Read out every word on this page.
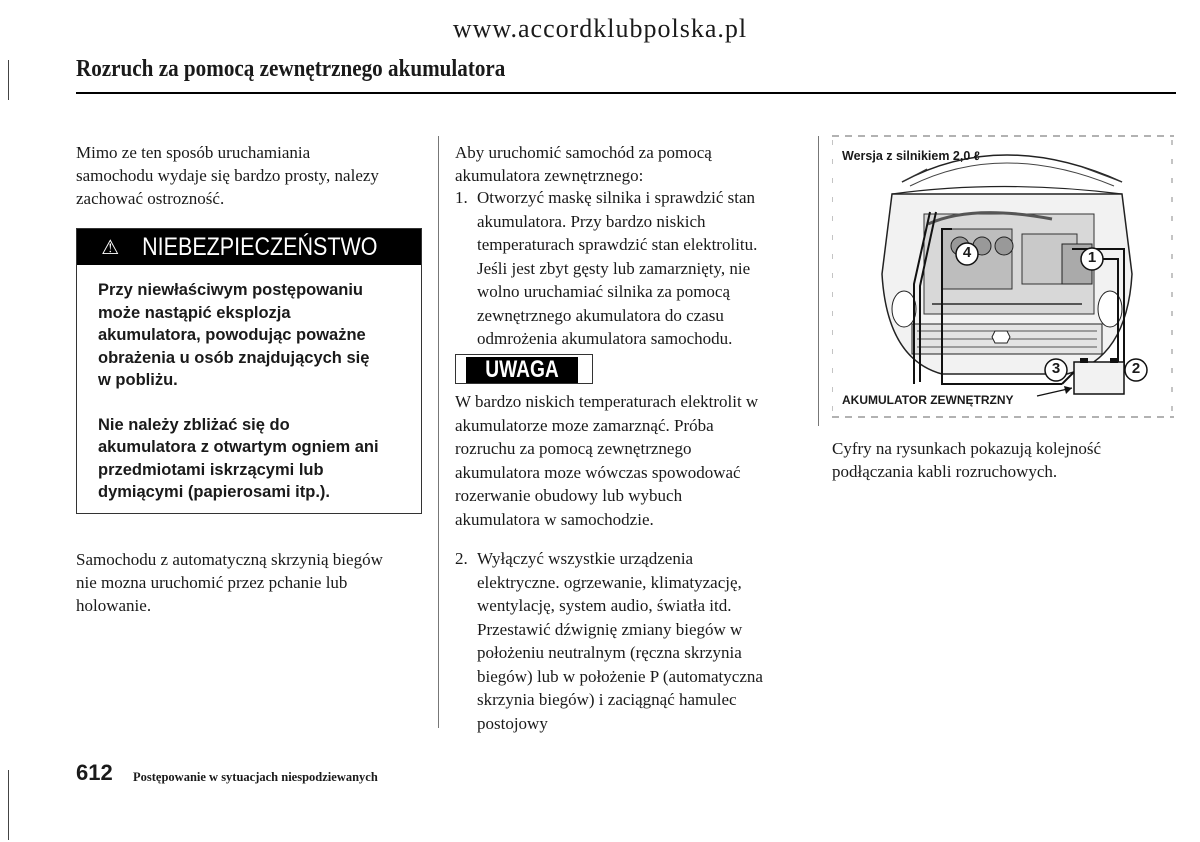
www.accordklubpolska.pl
Rozruch za pomocą zewnętrznego akumulatora

Mimo ze ten sposób uruchamiania

samochodu wydaje się bardzo prosty, nalezy

zachować ostrozność.

⚠ NIEBEZPIECZEŃSTWO

Przy niewłaściwym postępowaniu
może nastąpić eksplozja
akumulatora, powodując poważne
obrażenia u osób znajdujących się
w pobliżu.

Nie należy zbliżać się do
akumulatora z otwartym ogniem ani
przedmiotami iskrzącymi lub
dymiącymi (papierosami itp.).

Samochodu z automatyczną skrzynią biegów

nie mozna uruchomić przez pchanie lub

holowanie.

Aby uruchomić samochód za pomocą

akumulatora zewnętrznego:

1. Otworzyć maskę silnika i sprawdzić stan
akumulatora. Przy bardzo niskich
temperaturach sprawdzić stan elektrolitu.
Jeśli jest zbyt gęsty lub zamarznięty, nie
wolno uruchamiać silnika za pomocą
zewnętrznego akumulatora do czasu
odmrożenia akumulatora samochodu.
UWAGA

W bardzo niskich temperaturach elektrolit w

akumulatorze moze zamarznąć. Próba

rozruchu za pomocą zewnętrznego

akumulatora moze wówczas spowodować

rozerwanie obudowy lub wybuch

akumulatora w samochodzie.

2. Wyłączyć wszystkie urządzenia
elektryczne. ogrzewanie, klimatyzację,
wentylację, system audio, światła itd.
Przestawić dźwignię zmiany biegów w
położeniu neutralnym (ręczna skrzynia
biegów) lub w położenie P (automatyczna
skrzynia biegów) i zaciągnąć hamulec
postojowy
Wersja z silnikiem 2,0 ℓ
AKUMULATOR ZEWNĘTRZNY
4	1
3	2

Cyfry na rysunkach pokazują kolejność

podłączania kabli rozruchowych.

612 Postępowanie w sytuacjach niespodziewanych
